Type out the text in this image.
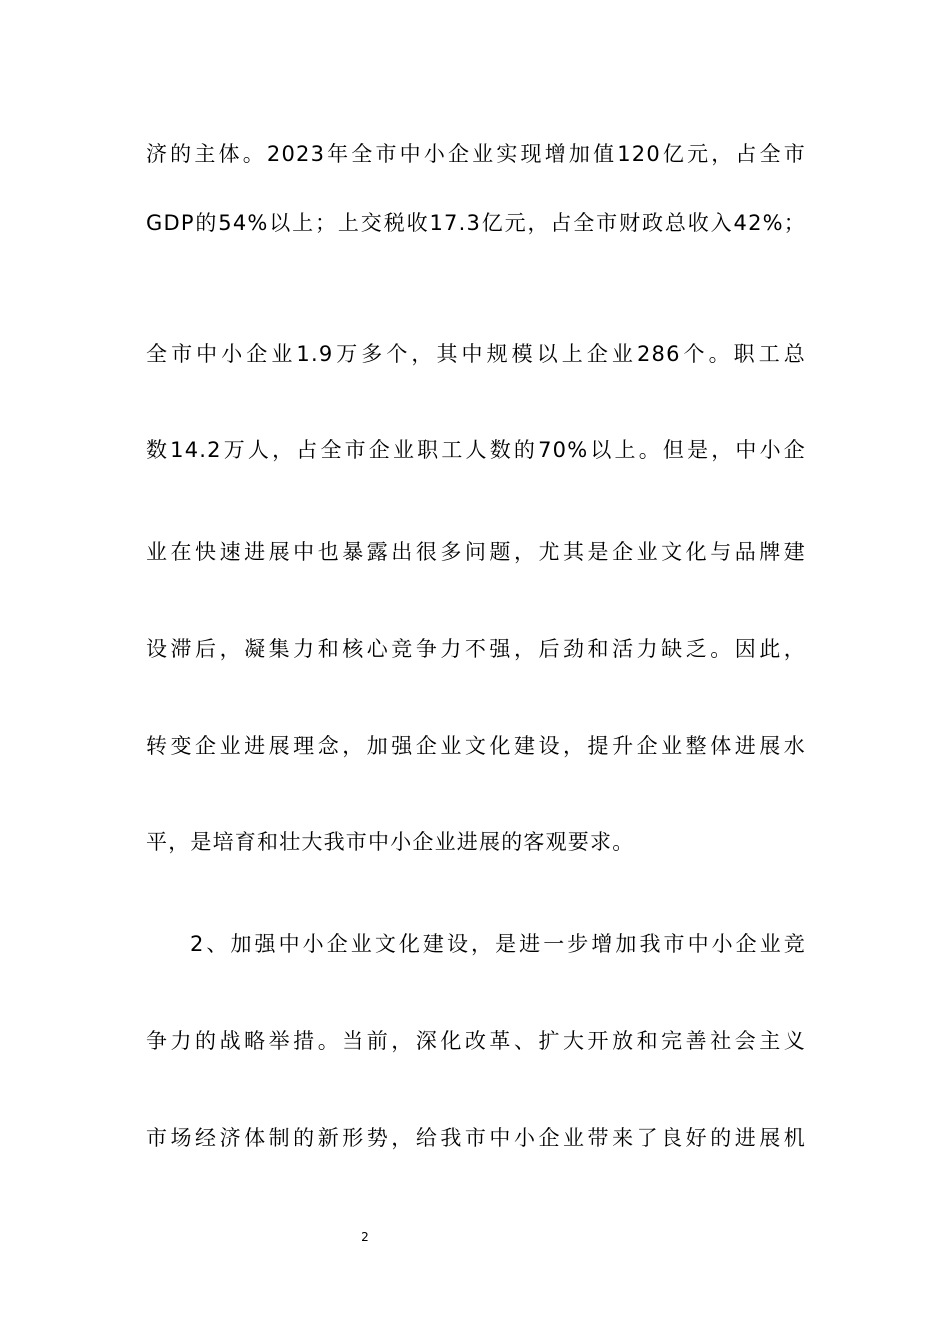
济的主体。2023年全市中小企业实现增加值120亿元，占全市
GDP的54%以上；上交税收17.3亿元，占全市财政总收入42%；
全市中小企业1.9万多个，其中规模以上企业286个。职工总
数14.2万人，占全市企业职工人数的70%以上。但是，中小企
业在快速进展中也暴露出很多问题，尤其是企业文化与品牌建
设滞后，凝集力和核心竞争力不强，后劲和活力缺乏。因此，
转变企业进展理念，加强企业文化建设，提升企业整体进展水
平，是培育和壮大我市中小企业进展的客观要求。
2、加强中小企业文化建设，是进一步增加我市中小企业竞
争力的战略举措。当前，深化改革、扩大开放和完善社会主义
市场经济体制的新形势，给我市中小企业带来了良好的进展机
2
